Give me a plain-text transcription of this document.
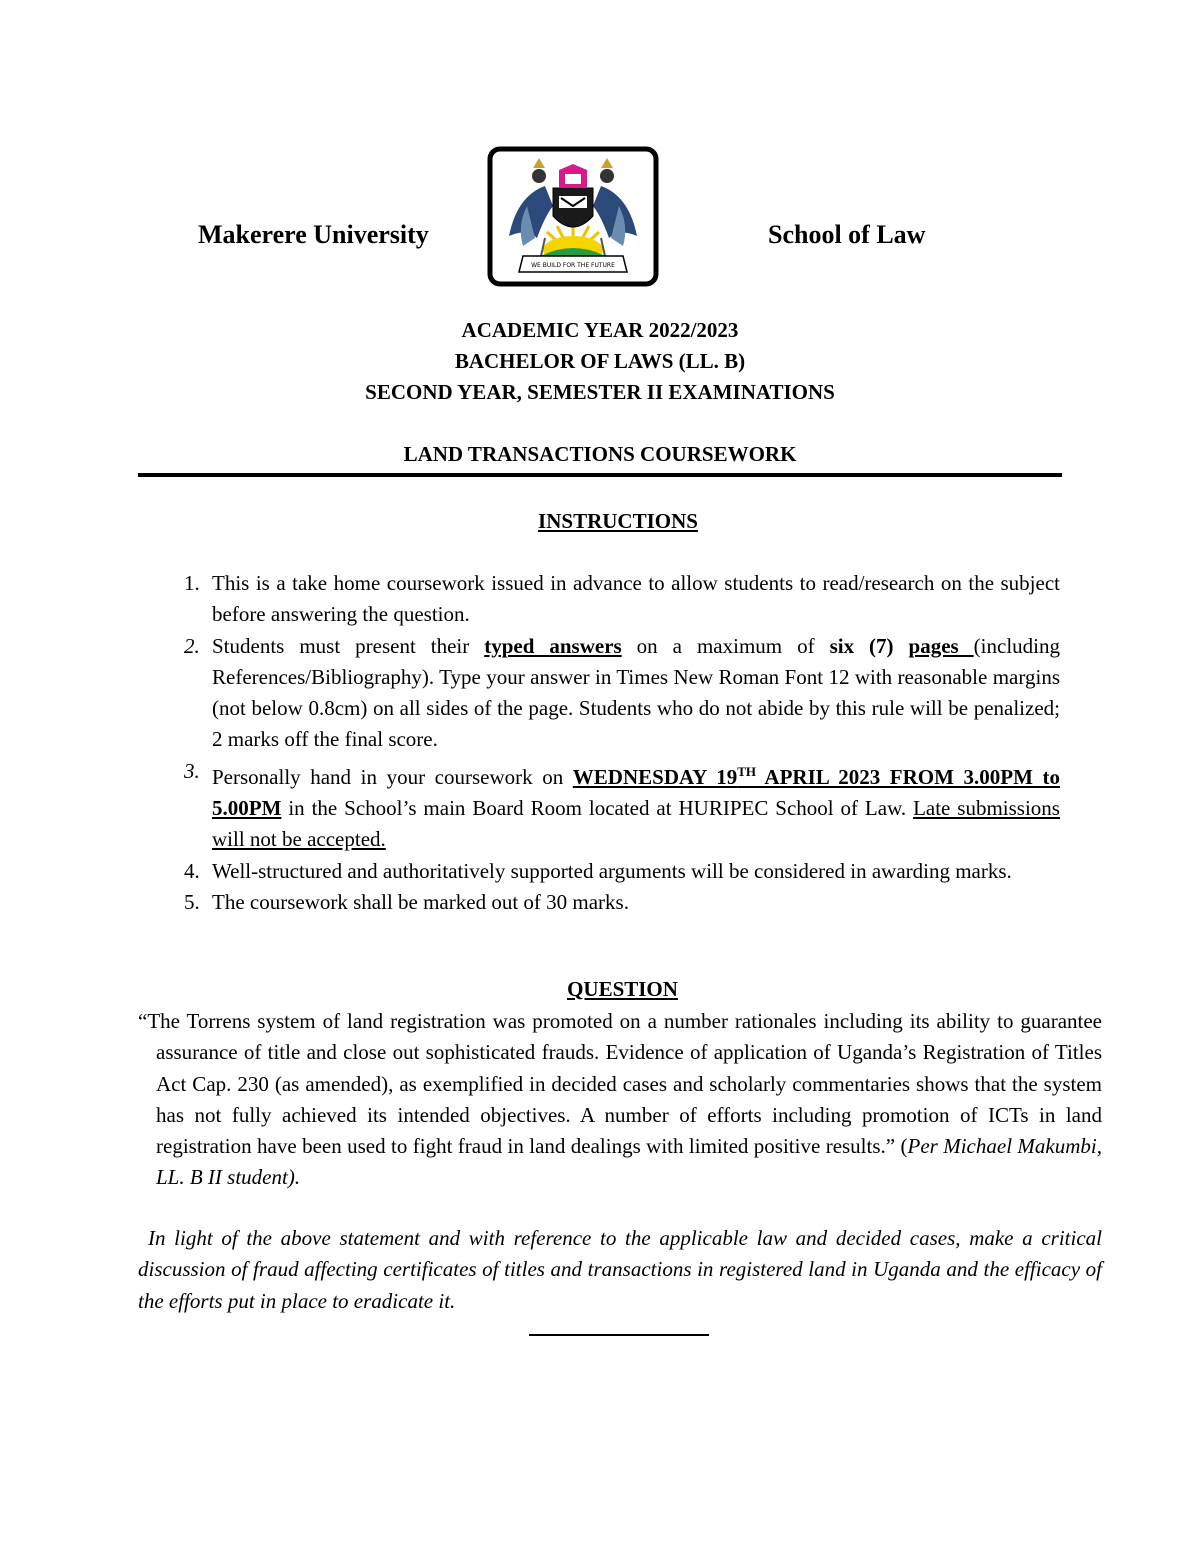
Makerere University
WE BUILD FOR THE FUTURE
School of Law
ACADEMIC YEAR 2022/2023
BACHELOR OF LAWS (LL. B)
SECOND YEAR, SEMESTER II EXAMINATIONS
LAND TRANSACTIONS COURSEWORK
INSTRUCTIONS
1. This is a take home coursework issued in advance to allow students to read/research on the subject before answering the question.
2. Students must present their typed answers on a maximum of six (7) pages (including References/Bibliography). Type your answer in Times New Roman Font 12 with reasonable margins (not below 0.8cm) on all sides of the page. Students who do not abide by this rule will be penalized; 2 marks off the final score.
3. Personally hand in your coursework on WEDNESDAY 19TH APRIL 2023 FROM 3.00PM to 5.00PM in the School’s main Board Room located at HURIPEC School of Law. Late submissions will not be accepted.
4. Well-structured and authoritatively supported arguments will be considered in awarding marks.
5. The coursework shall be marked out of 30 marks.
QUESTION
“The Torrens system of land registration was promoted on a number rationales including its ability to guarantee assurance of title and close out sophisticated frauds. Evidence of application of Uganda’s Registration of Titles Act Cap. 230 (as amended), as exemplified in decided cases and scholarly commentaries shows that the system has not fully achieved its intended objectives. A number of efforts including promotion of ICTs in land registration have been used to fight fraud in land dealings with limited positive results.” (Per Michael Makumbi, LL. B II student).
In light of the above statement and with reference to the applicable law and decided cases, make a critical discussion of fraud affecting certificates of titles and transactions in registered land in Uganda and the efficacy of the efforts put in place to eradicate it.
